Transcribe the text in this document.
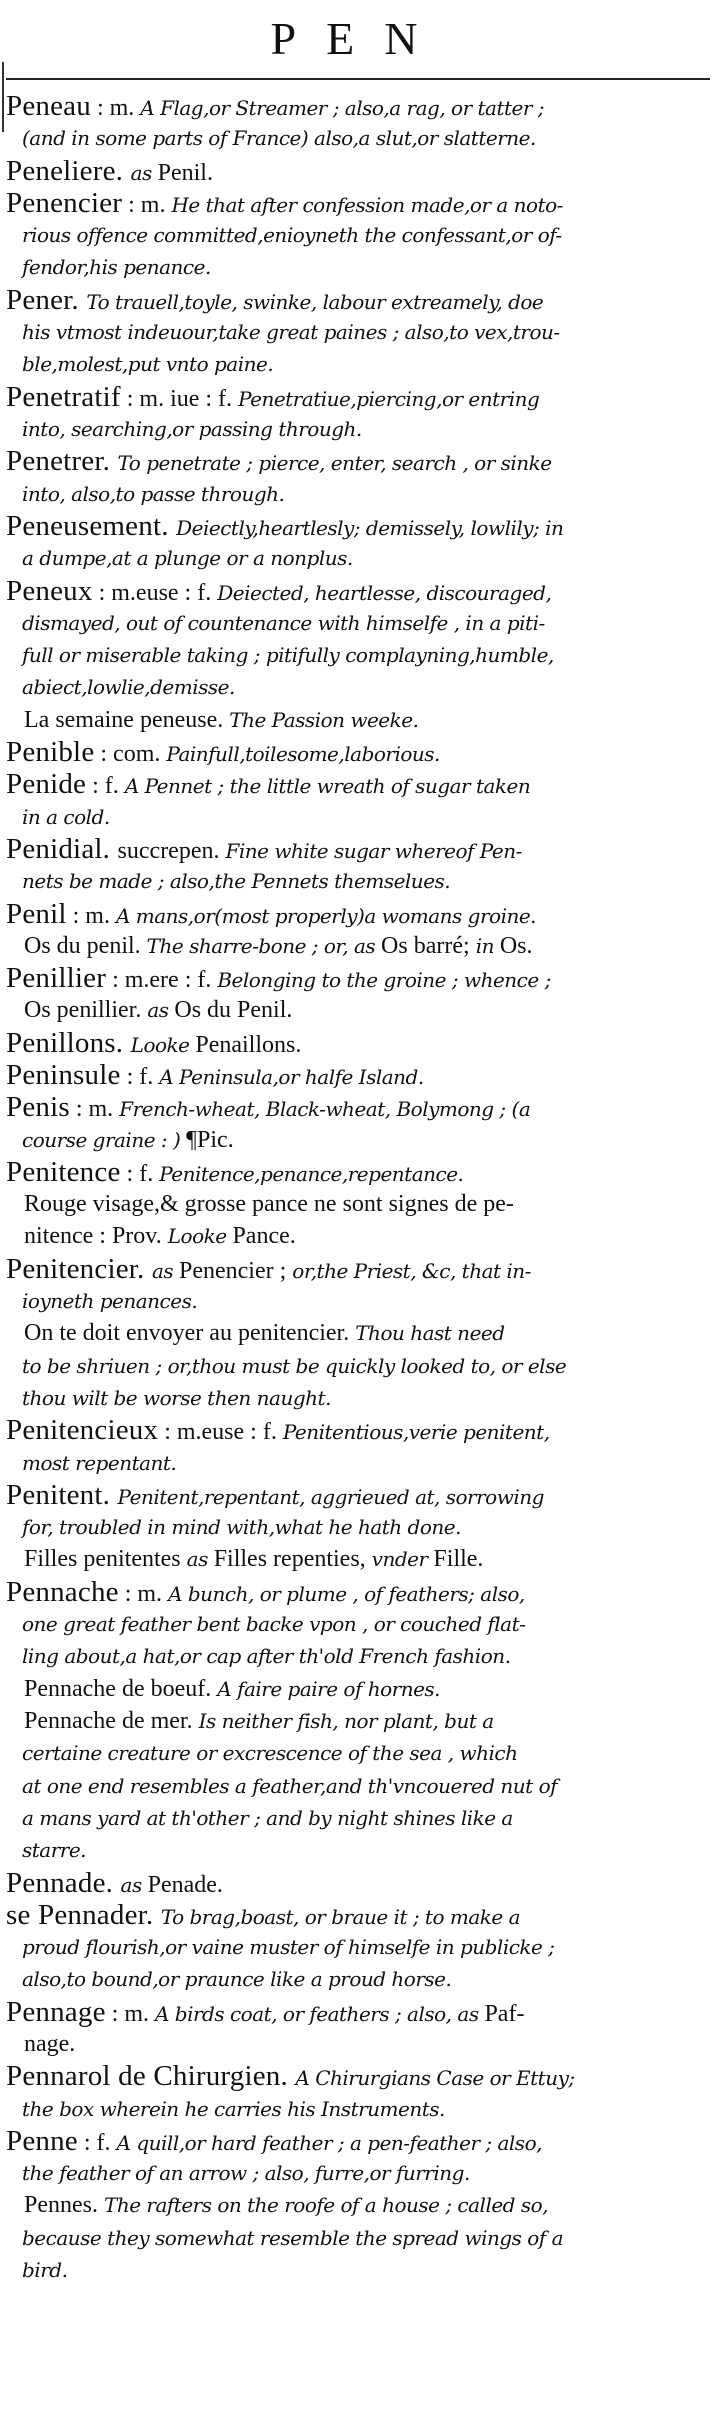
PEN
Peneau : m. A Flag,or Streamer ; also,a rag, or tatter ;
(and in some parts of France) also,a slut,or slatterne.
Peneliere. as Penil.
Penencier : m. He that after confession made,or a noto-
rious offence committed,enioyneth the confessant,or of-
fendor,his penance.
Pener. To trauell,toyle, swinke, labour extreamely, doe
his vtmost indeuour,take great paines ; also,to vex,trou-
ble,molest,put vnto paine.
Penetratif : m. iue : f. Penetratiue,piercing,or entring
into, searching,or passing through.
Penetrer. To penetrate ; pierce, enter, search , or sinke
into, also,to passe through.
Peneusement. Deiectly,heartlesly; demissely, lowlily; in
a dumpe,at a plunge or a nonplus.
Peneux : m.euse : f. Deiected, heartlesse, discouraged,
dismayed, out of countenance with himselfe , in a piti-
full or miserable taking ; pitifully complayning,humble,
abiect,lowlie,demisse.
La semaine peneuse. The Passion weeke.
Penible : com. Painfull,toilesome,laborious.
Penide : f. A Pennet ; the little wreath of sugar taken
in a cold.
Penidial. succrepen. Fine white sugar whereof Pen-
nets be made ; also,the Pennets themselues.
Penil : m. A mans,or(most properly)a womans groine.
Os du penil. The sharre-bone ; or, as Os barré; in Os.
Penillier : m.ere : f. Belonging to the groine ; whence ;
Os penillier. as Os du Penil.
Penillons. Looke Penaillons.
Peninsule : f. A Peninsula,or halfe Island.
Penis : m. French-wheat, Black-wheat, Bolymong ; (a
course graine : ) ¶Pic.
Penitence : f. Penitence,penance,repentance.
Rouge visage,& grosse pance ne sont signes de pe-
nitence : Prov. Looke Pance.
Penitencier. as Penencier ; or,the Priest, &c, that in-
ioyneth penances.
On te doit envoyer au penitencier. Thou hast need
to be shriuen ; or,thou must be quickly looked to, or else
thou wilt be worse then naught.
Penitencieux : m.euse : f. Penitentious,verie penitent,
most repentant.
Penitent. Penitent,repentant, aggrieued at, sorrowing
for, troubled in mind with,what he hath done.
Filles penitentes as Filles repenties, vnder Fille.
Pennache : m. A bunch, or plume , of feathers; also,
one great feather bent backe vpon , or couched flat-
ling about,a hat,or cap after th'old French fashion.
Pennache de boeuf. A faire paire of hornes.
Pennache de mer. Is neither fish, nor plant, but a
certaine creature or excrescence of the sea , which
at one end resembles a feather,and th'vncouered nut of
a mans yard at th'other ; and by night shines like a
starre.
Pennade. as Penade.
se Pennader. To brag,boast, or braue it ; to make a
proud flourish,or vaine muster of himselfe in publicke ;
also,to bound,or praunce like a proud horse.
Pennage : m. A birds coat, or feathers ; also, as Paf-
nage.
Pennarol de Chirurgien. A Chirurgians Case or Ettuy;
the box wherein he carries his Instruments.
Penne : f. A quill,or hard feather ; a pen-feather ; also,
the feather of an arrow ; also, furre,or furring.
Pennes. The rafters on the roofe of a house ; called so,
because they somewhat resemble the spread wings of a
bird.
